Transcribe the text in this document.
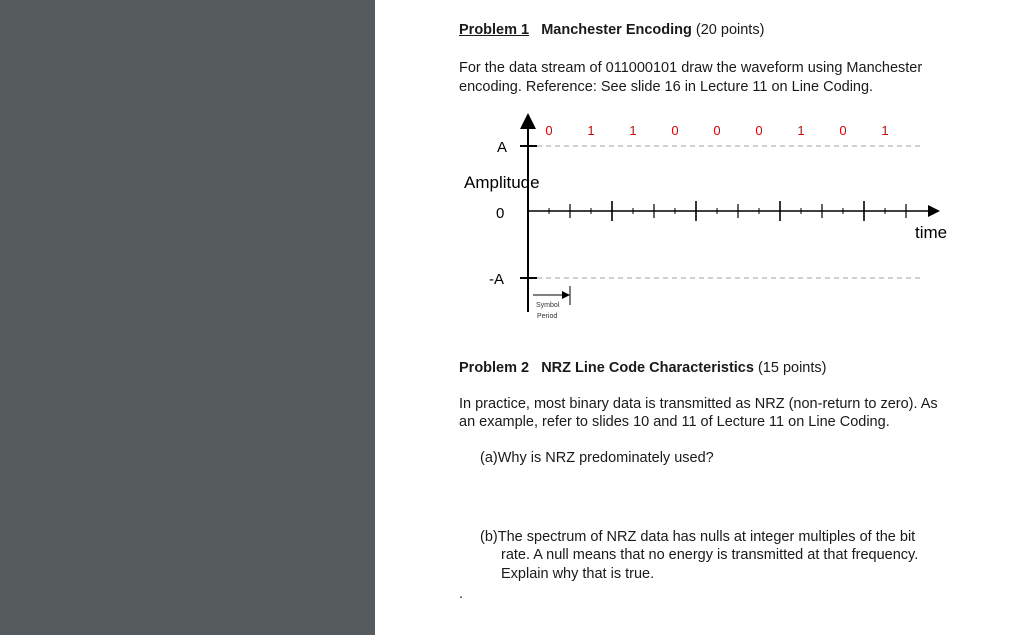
Problem 1 Manchester Encoding (20 points)
For the data stream of 011000101 draw the waveform using Manchester
encoding. Reference: See slide 16 in Lecture 11 on Line Coding.
0	1	1	0	0	0	1	0	1
A
Amplitude
0
-A
time
Symbol
Period
Problem 2 NRZ Line Code Characteristics (15 points)
In practice, most binary data is transmitted as NRZ (non-return to zero). As
an example, refer to slides 10 and 11 of Lecture 11 on Line Coding.
(a)Why is NRZ predominately used?
(b)The spectrum of NRZ data has nulls at integer multiples of the bit
rate. A null means that no energy is transmitted at that frequency.
Explain why that is true.
.
